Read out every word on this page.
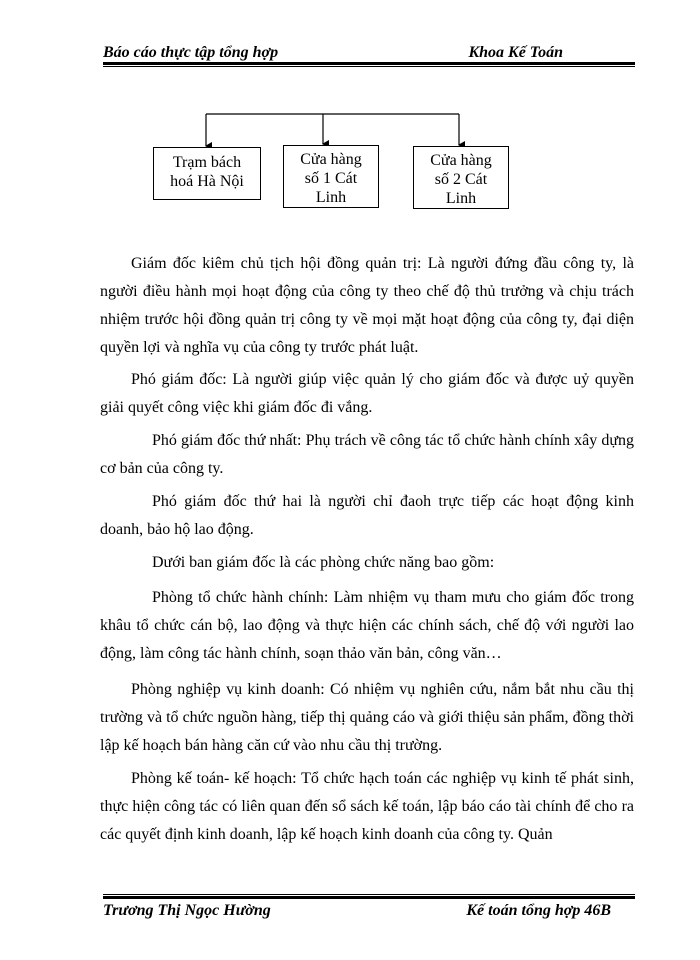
Báo cáo thực tập tổng hợp	Khoa Kế Toán
Trạm bách
hoá Hà Nội
Cửa hàng
số 1 Cát
Linh
Cửa hàng
số 2 Cát
Linh

Giám đốc kiêm chủ tịch hội đồng quản trị: Là người đứng đầu công ty, là người điều hành mọi hoạt động của công ty theo chế độ thủ trưởng và chịu trách nhiệm trước hội đồng quản trị công ty về mọi mặt hoạt động của công ty, đại diện quyền lợi và nghĩa vụ của công ty trước phát luật.

Phó giám đốc: Là người giúp việc quản lý cho giám đốc và được uỷ quyền giải quyết công việc khi giám đốc đi vắng.

Phó giám đốc thứ nhất: Phụ trách về công tác tổ chức hành chính xây dựng cơ bản của công ty.

Phó giám đốc thứ hai là người chỉ đaoh trực tiếp các hoạt động kinh doanh, bảo hộ lao động.

Dưới ban giám đốc là các phòng chức năng bao gồm:

Phòng tổ chức hành chính: Làm nhiệm vụ tham mưu cho giám đốc trong khâu tổ chức cán bộ, lao động và thực hiện các chính sách, chế độ với người lao động, làm công tác hành chính, soạn thảo văn bản, công văn…

Phòng nghiệp vụ kinh doanh: Có nhiệm vụ nghiên cứu, nắm bắt nhu cầu thị trường và tổ chức nguồn hàng, tiếp thị quảng cáo và giới thiệu sản phẩm, đồng thời lập kế hoạch bán hàng căn cứ vào nhu cầu thị trường.

Phòng kế toán- kế hoạch: Tổ chức hạch toán các nghiệp vụ kinh tế phát sinh, thực hiện công tác có liên quan đến sổ sách kế toán, lập báo cáo tài chính để cho ra các quyết định kinh doanh, lập kế hoạch kinh doanh của công ty. Quản

Trương Thị Ngọc Hường	Kế toán tổng hợp 46B
